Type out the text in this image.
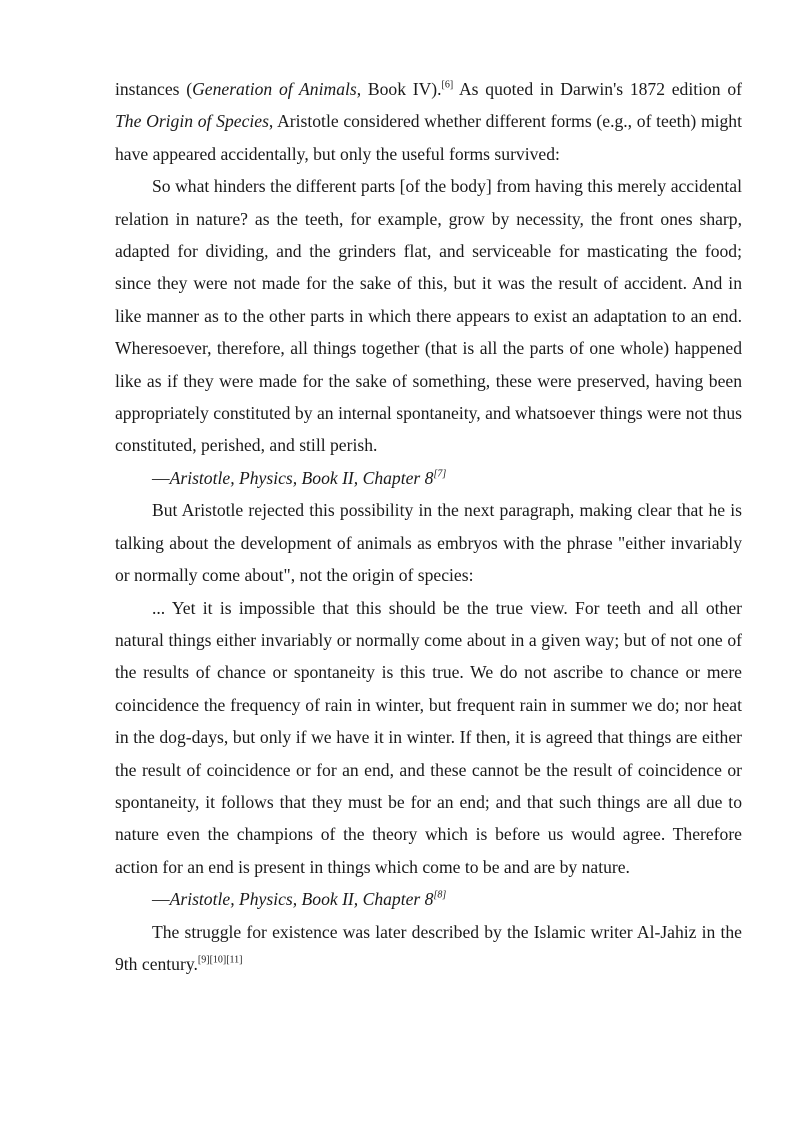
instances (Generation of Animals, Book IV).[6] As quoted in Darwin's 1872 edition of The Origin of Species, Aristotle considered whether different forms (e.g., of teeth) might have appeared accidentally, but only the useful forms survived:

So what hinders the different parts [of the body] from having this merely accidental relation in nature? as the teeth, for example, grow by necessity, the front ones sharp, adapted for dividing, and the grinders flat, and serviceable for masticating the food; since they were not made for the sake of this, but it was the result of accident. And in like manner as to the other parts in which there appears to exist an adaptation to an end. Wheresoever, therefore, all things together (that is all the parts of one whole) happened like as if they were made for the sake of something, these were preserved, having been appropriately constituted by an internal spontaneity, and whatsoever things were not thus constituted, perished, and still perish.

—Aristotle, Physics, Book II, Chapter 8[7]

But Aristotle rejected this possibility in the next paragraph, making clear that he is talking about the development of animals as embryos with the phrase "either invariably or normally come about", not the origin of species:

... Yet it is impossible that this should be the true view. For teeth and all other natural things either invariably or normally come about in a given way; but of not one of the results of chance or spontaneity is this true. We do not ascribe to chance or mere coincidence the frequency of rain in winter, but frequent rain in summer we do; nor heat in the dog-days, but only if we have it in winter. If then, it is agreed that things are either the result of coincidence or for an end, and these cannot be the result of coincidence or spontaneity, it follows that they must be for an end; and that such things are all due to nature even the champions of the theory which is before us would agree. Therefore action for an end is present in things which come to be and are by nature.

—Aristotle, Physics, Book II, Chapter 8[8]

The struggle for existence was later described by the Islamic writer Al-Jahiz in the 9th century.[9][10][11]
